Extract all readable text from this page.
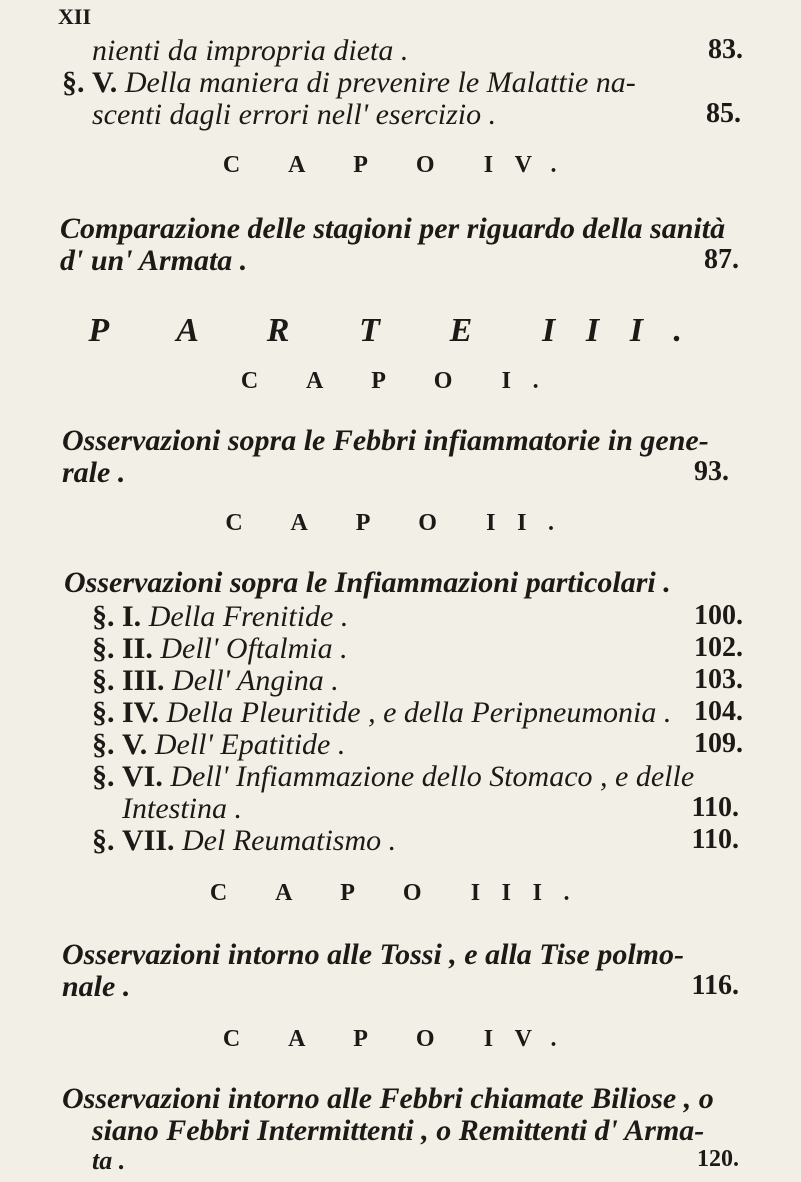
XII
nienti da impropria dieta .	83.
§. V. Della maniera di prevenire le Malattie na-
scenti dagli errori nell' esercizio .	85.
C A P O IV.
Comparazione delle stagioni per riguardo della sanità
d' un' Armata .	87.
P A R T E III.
C A P O I.
Osservazioni sopra le Febbri infiammatorie in gene-
rale .	93.
C A P O II.
Osservazioni sopra le Infiammazioni particolari .
§. I. Della Frenitide .	100.
§. II. Dell' Oftalmia .	102.
§. III. Dell' Angina .	103.
§. IV. Della Pleuritide , e della Peripneumonia . 104.
§. V. Dell' Epatitide .	109.
§. VI. Dell' Infiammazione dello Stomaco , e delle
Intestina .	110.
§. VII. Del Reumatismo .	110.
C A P O III.
Osservazioni intorno alle Tossi , e alla Tise polmo-
nale .	116.
C A P O IV.
Osservazioni intorno alle Febbri chiamate Biliose , o
siano Febbri Intermittenti , o Remittenti d' Arma-
ta .	120.
